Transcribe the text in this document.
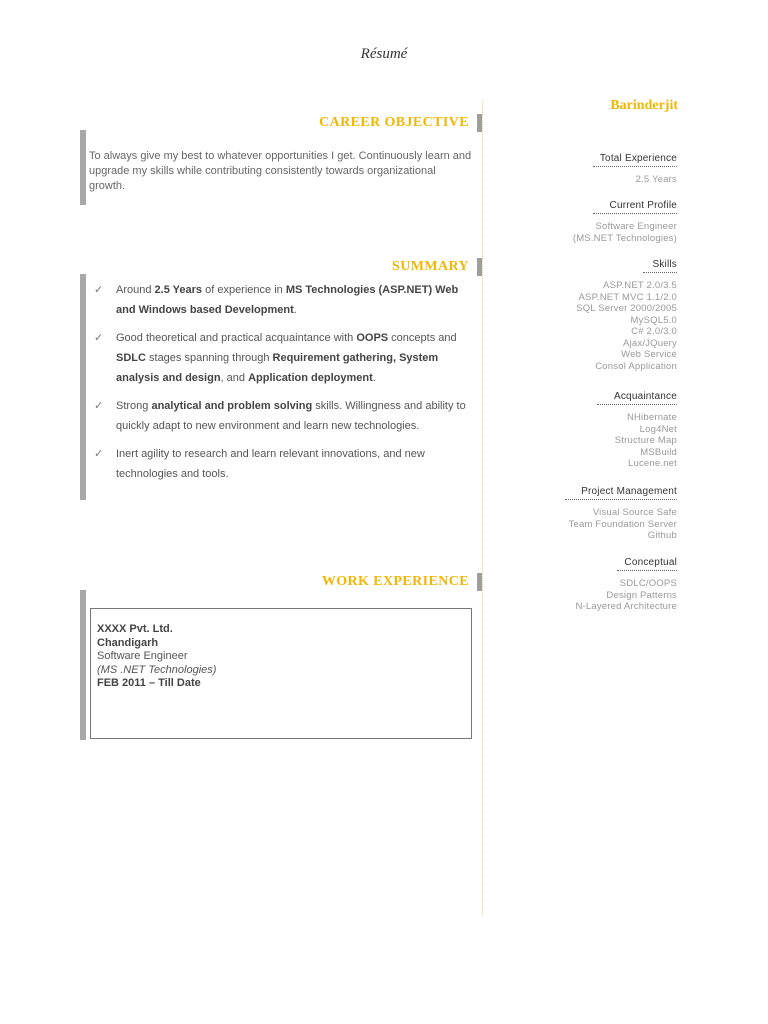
Résumé
CAREER OBJECTIVE

To always give my best to whatever opportunities I get. Continuously learn and upgrade my skills while contributing consistently towards organizational growth.

SUMMARY
✓ Around 2.5 Years of experience in MS Technologies (ASP.NET) Web and Windows based Development.
✓ Good theoretical and practical acquaintance with OOPS concepts and SDLC stages spanning through Requirement gathering, System analysis and design, and Application deployment.
✓ Strong analytical and problem solving skills. Willingness and ability to quickly adapt to new environment and learn new technologies.
✓ Inert agility to research and learn relevant innovations, and new technologies and tools.
WORK EXPERIENCE
XXXX Pvt. Ltd.
Chandigarh
Software Engineer
(MS .NET Technologies)
FEB 2011 – Till Date
Barinderjit
Total Experience
2.5 Years
Current Profile
Software Engineer
(MS.NET Technologies)
Skills
ASP.NET 2.0/3.5
ASP.NET MVC 1.1/2.0
SQL Server 2000/2005
MySQL5.0
C# 2.0/3.0
Ajax/JQuery
Web Service
Consol Application
Acquaintance
NHibernate
Log4Net
Structure Map
MSBuild
Lucene.net
Project Management
Visual Source Safe
Team Foundation Server
Github
Conceptual
SDLC/OOPS
Design Patterns
N-Layered Architecture
